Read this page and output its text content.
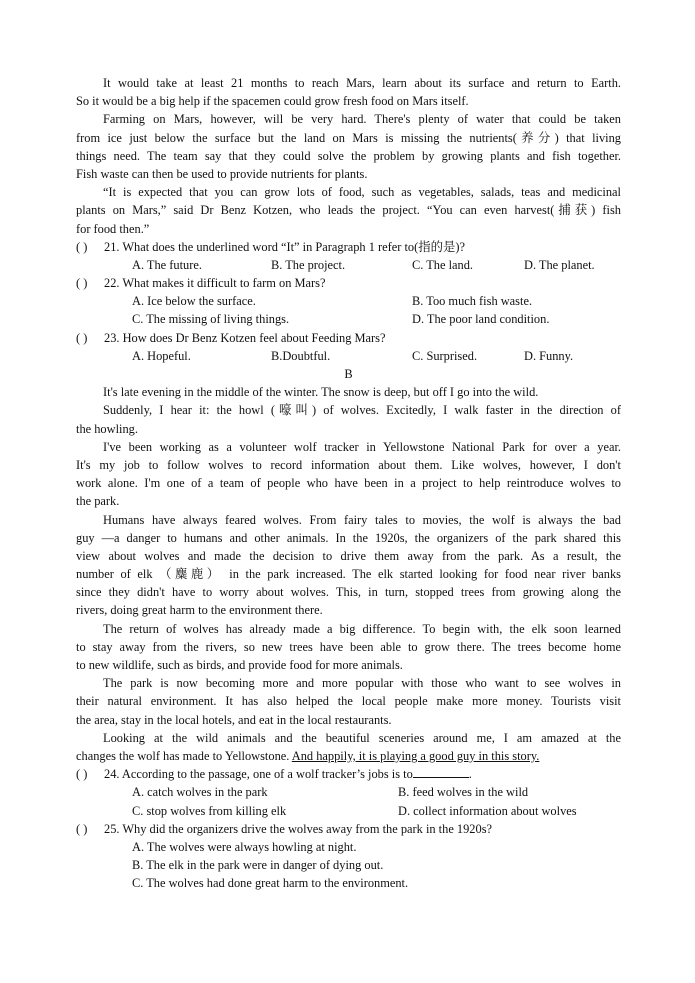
It would take at least 21 months to reach Mars, learn about its surface and return to Earth.
So it would be a big help if the spacemen could grow fresh food on Mars itself.
Farming on Mars, however, will be very hard. There's plenty of water that could be taken
from ice just below the surface but the land on Mars is missing the nutrients(养分) that living
things need. The team say that they could solve the problem by growing plants and fish together.
Fish waste can then be used to provide nutrients for plants.
“It is expected that you can grow lots of food, such as vegetables, salads, teas and medicinal
plants on Mars,” said Dr Benz Kotzen, who leads the project. “You can even harvest(捕获) fish
for food then.”
( ) 21. What does the underlined word “It” in Paragraph 1 refer to(指的是)?
A. The future.	B. The project.	C. The land.	D. The planet.
( ) 22. What makes it difficult to farm on Mars?
A. Ice below the surface.	B. Too much fish waste.
C. The missing of living things.	D. The poor land condition.
( ) 23. How does Dr Benz Kotzen feel about Feeding Mars?
A. Hopeful.	B.Doubtful.	C. Surprised.	D. Funny.
B
It's late evening in the middle of the winter. The snow is deep, but off I go into the wild.
Suddenly, I hear it: the howl (嚎叫) of wolves. Excitedly, I walk faster in the direction of
the howling.
I've been working as a volunteer wolf tracker in Yellowstone National Park for over a year.
It's my job to follow wolves to record information about them. Like wolves, however, I don't
work alone. I'm one of a team of people who have been in a project to help reintroduce wolves to
the park.
Humans have always feared wolves. From fairy tales to movies, the wolf is always the bad
guy —a danger to humans and other animals. In the 1920s, the organizers of the park shared this
view about wolves and made the decision to drive them away from the park. As a result, the
number of elk （麋鹿） in the park increased. The elk started looking for food near river banks
since they didn't have to worry about wolves. This, in turn, stopped trees from growing along the
rivers, doing great harm to the environment there.
The return of wolves has already made a big difference. To begin with, the elk soon learned
to stay away from the rivers, so new trees have been able to grow there. The trees become home
to new wildlife, such as birds, and provide food for more animals.
The park is now becoming more and more popular with those who want to see wolves in
their natural environment. It has also helped the local people make more money. Tourists visit
the area, stay in the local hotels, and eat in the local restaurants.
Looking at the wild animals and the beautiful sceneries around me, I am amazed at the
changes the wolf has made to Yellowstone. And happily, it is playing a good guy in this story.
( ) 24. According to the passage, one of a wolf tracker’s jobs is to	.
A. catch wolves in the park	B. feed wolves in the wild
C. stop wolves from killing elk	D. collect information about wolves
( ) 25. Why did the organizers drive the wolves away from the park in the 1920s?
A. The wolves were always howling at night.
B. The elk in the park were in danger of dying out.
C. The wolves had done great harm to the environment.
